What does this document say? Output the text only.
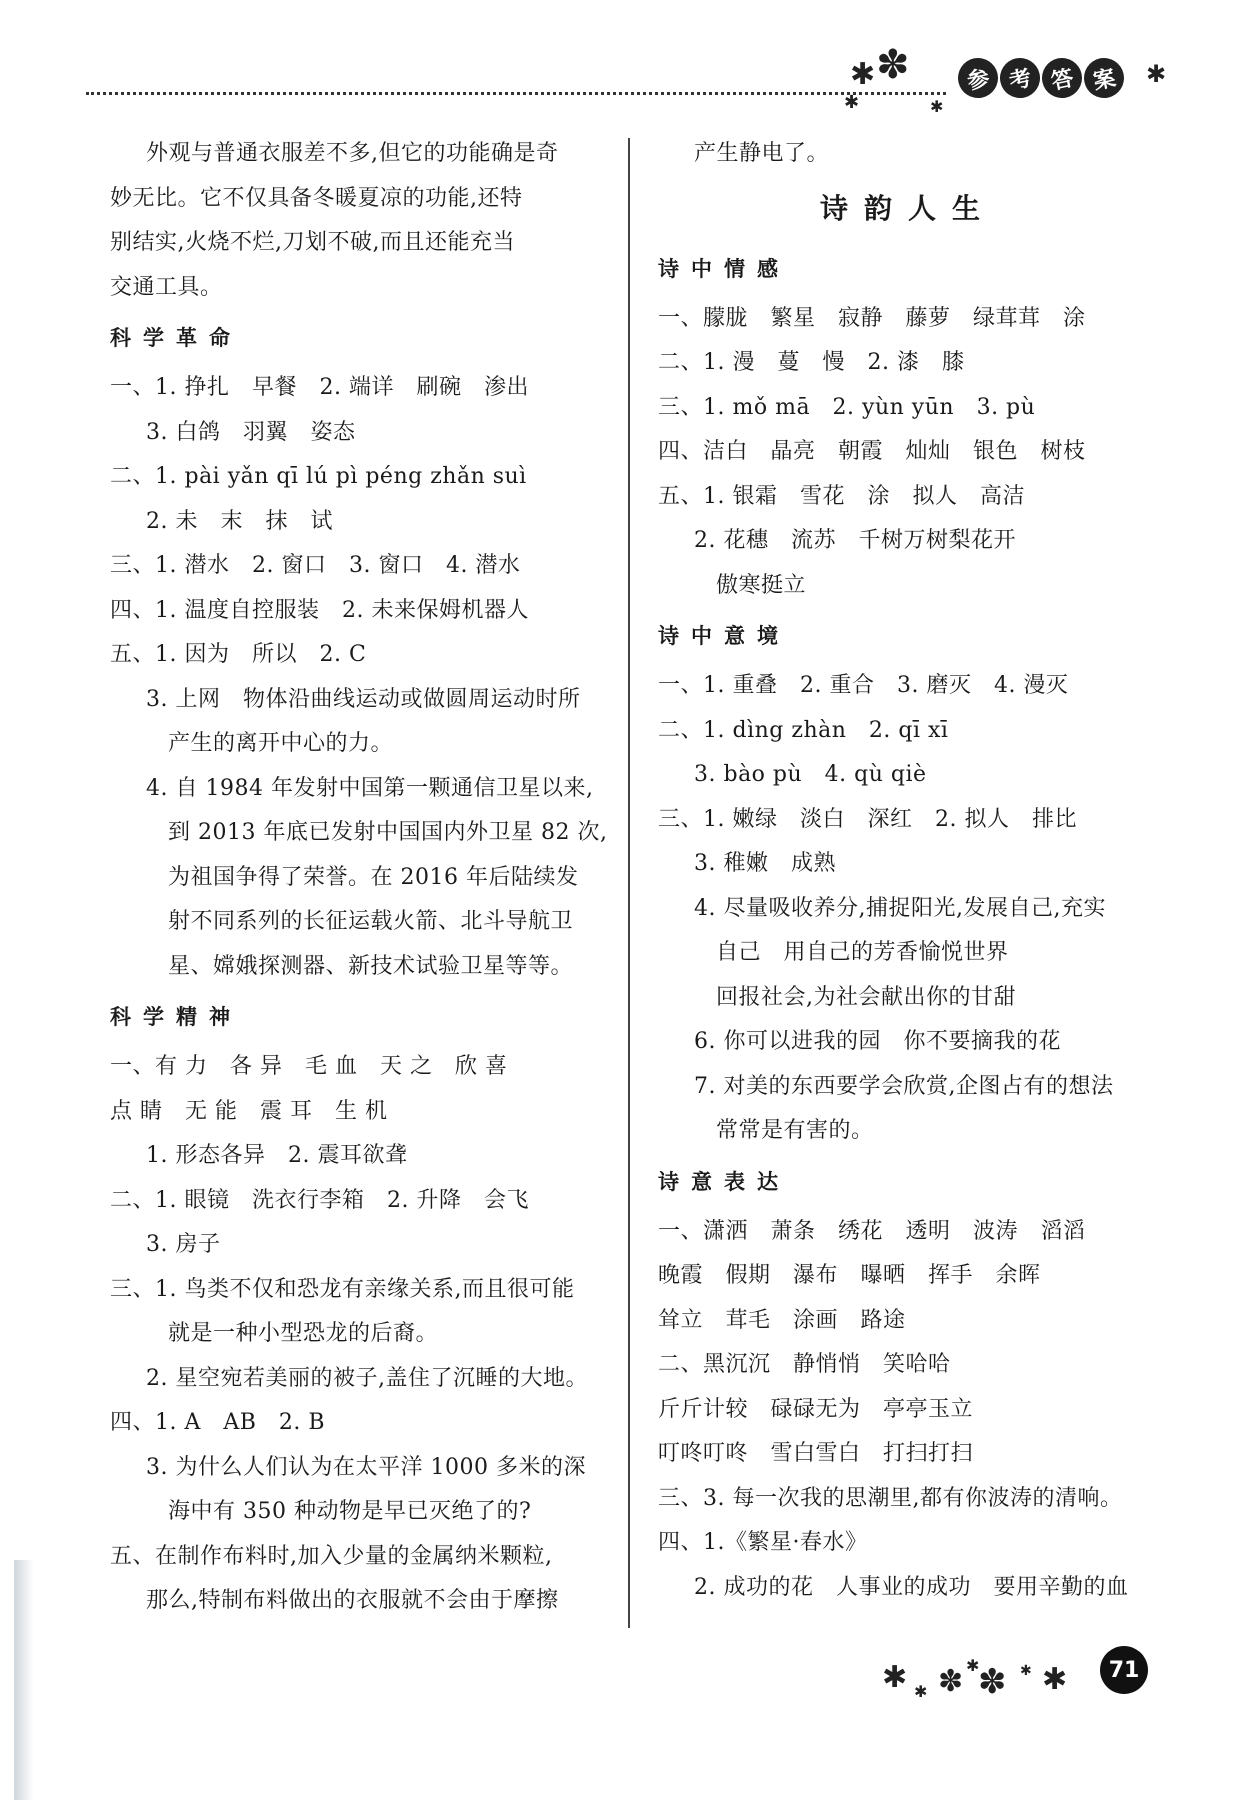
✱ ✽
✱	✱
✱
参 考 答 案
外观与普通衣服差不多,但它的功能确是奇
妙无比。它不仅具备冬暖夏凉的功能,还特
别结实,火烧不烂,刀划不破,而且还能充当
交通工具。
科学革命
一、1. 挣扎　早餐　2. 端详　刷碗　渗出
3. 白鸽　羽翼　姿态
二、1. pài yǎn qī lú pì péng zhǎn suì
2. 未　末　抹　试
三、1. 潜水　2. 窗口　3. 窗口　4. 潜水
四、1. 温度自控服装　2. 未来保姆机器人
五、1. 因为　所以　2. C
3. 上网　物体沿曲线运动或做圆周运动时所
产生的离开中心的力。
4. 自 1984 年发射中国第一颗通信卫星以来,
到 2013 年底已发射中国国内外卫星 82 次,
为祖国争得了荣誉。在 2016 年后陆续发
射不同系列的长征运载火箭、北斗导航卫
星、嫦娥探测器、新技术试验卫星等等。
科学精神
一、有 力　各 异　毛 血　天 之　欣 喜
点 睛　无 能　震 耳　生 机
1. 形态各异　2. 震耳欲聋
二、1. 眼镜　洗衣行李箱　2. 升降　会飞
3. 房子
三、1. 鸟类不仅和恐龙有亲缘关系,而且很可能
就是一种小型恐龙的后裔。
2. 星空宛若美丽的被子,盖住了沉睡的大地。
四、1. A　AB　2. B
3. 为什么人们认为在太平洋 1000 多米的深
海中有 350 种动物是早已灭绝了的?
五、在制作布料时,加入少量的金属纳米颗粒,
那么,特制布料做出的衣服就不会由于摩擦
产生静电了。
诗韵人生
诗中情感
一、朦胧　繁星　寂静　藤萝　绿茸茸　涂
二、1. 漫　蔓　慢　2. 漆　膝
三、1. mǒ mā　2. yùn yūn　3. pù
四、洁白　晶亮　朝霞　灿灿　银色　树枝
五、1. 银霜　雪花　涂　拟人　高洁
2. 花穗　流苏　千树万树梨花开
傲寒挺立
诗中意境
一、1. 重叠　2. 重合　3. 磨灭　4. 漫灭
二、1. dìng zhàn　2. qī xī
3. bào pù　4. qù qiè
三、1. 嫩绿　淡白　深红　2. 拟人　排比
3. 稚嫩　成熟
4. 尽量吸收养分,捕捉阳光,发展自己,充实
自己　用自己的芳香愉悦世界
回报社会,为社会献出你的甘甜
6. 你可以进我的园　你不要摘我的花
7. 对美的东西要学会欣赏,企图占有的想法
常常是有害的。
诗意表达
一、潇洒　萧条　绣花　透明　波涛　滔滔
晚霞　假期　瀑布　曝晒　挥手　余晖
耸立　茸毛　涂画　路途
二、黑沉沉　静悄悄　笑哈哈
斤斤计较　碌碌无为　亭亭玉立
叮咚叮咚　雪白雪白　打扫打扫
三、3. 每一次我的思潮里,都有你波涛的清响。
四、1.《繁星·春水》
2. 成功的花　人事业的成功　要用辛勤的血
✱ ✱ ✽ ✱
✽ ✱ ✱	71
